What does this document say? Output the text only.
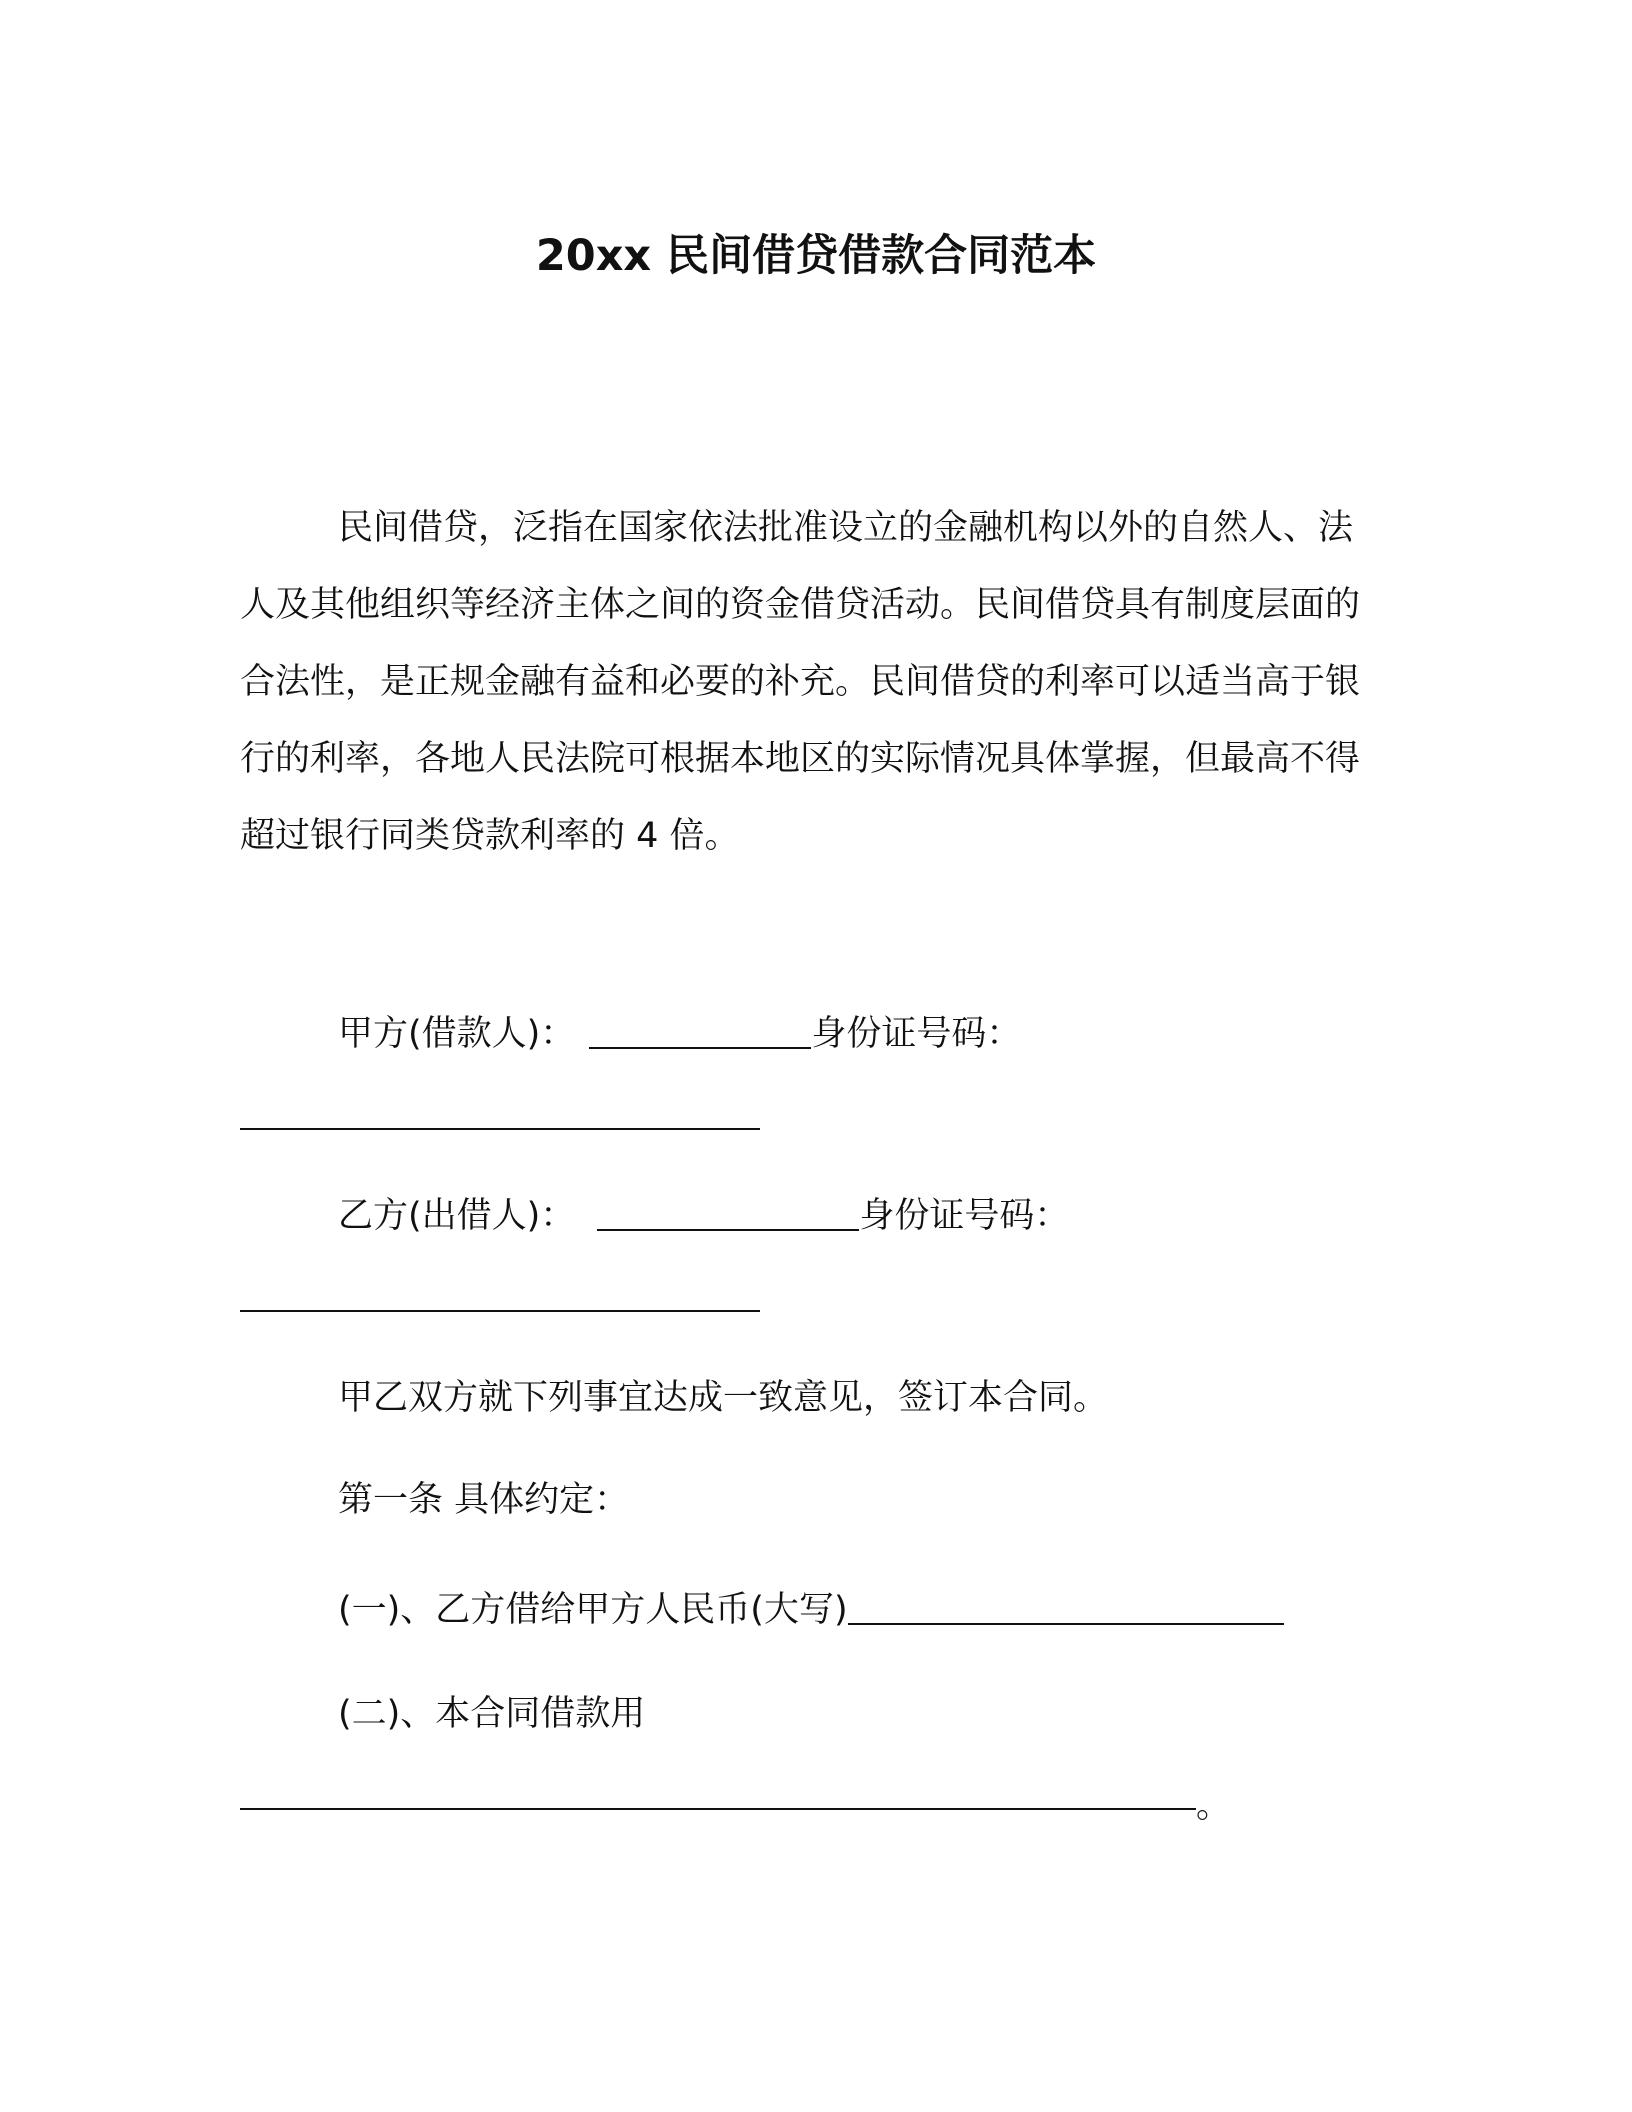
20xx 民间借贷借款合同范本

民间借贷，泛指在国家依法批准设立的金融机构以外的自然人、法人及其他组织等经济主体之间的资金借贷活动。民间借贷具有制度层面的合法性，是正规金融有益和必要的补充。民间借贷的利率可以适当高于银行的利率，各地人民法院可根据本地区的实际情况具体掌握，但最高不得超过银行同类贷款利率的 4 倍。

甲方(借款人)：	身份证号码：
乙方(出借人)：	身份证号码：
甲乙双方就下列事宜达成一致意见，签订本合同。
第一条 具体约定：
(一)、乙方借给甲方人民币(大写)
(二)、本合同借款用
。
